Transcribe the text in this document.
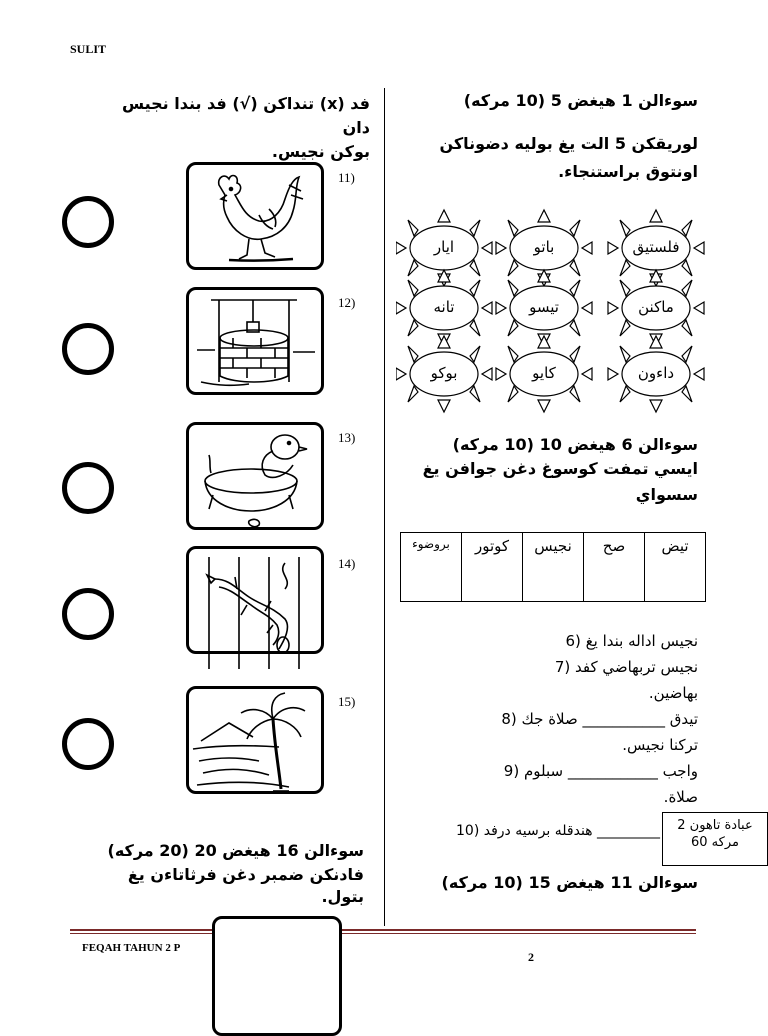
SULIT
فد (x) تنداكن (√) فد بندا نجيس دان
بوكن نجيس.
11)
12)
13)
14)
15)
سوءالن 16 هيغض 20 (20 مركه)
فادنكن ضمبر دغن فرثاتاءن يغ بتول.
سوءالن 1 هيغض 5 (10 مركه)
لوريقكن 5 الت يغ بوليه دضوناكن
اونتوق براستنجاء.
فلستيق
باتو
ايار
ماكنن
تيسو
تانه
داءون
كايو
بوكو
سوءالن 6 هيغض 10 (10 مركه)
ايسي تمفت كوسوغ دغن جوافن يغ
سسواي
تيض	صح	نجيس	كوتور	بروضوء
نجيس اداله بندا يغ (6
نجيس تربهاضي كفد (7
بهاضين.
تيدق ___________ صلاة جك (8
تركنا نجيس.
واجب ____________ سبلوم (9
صلاة.
_________ هندقله برسيه درفد (10	عبادة تاهون 2
مركه 60
سوءالن 11 هيغض 15 (10 مركه)
FEQAH TAHUN 2 P
2
